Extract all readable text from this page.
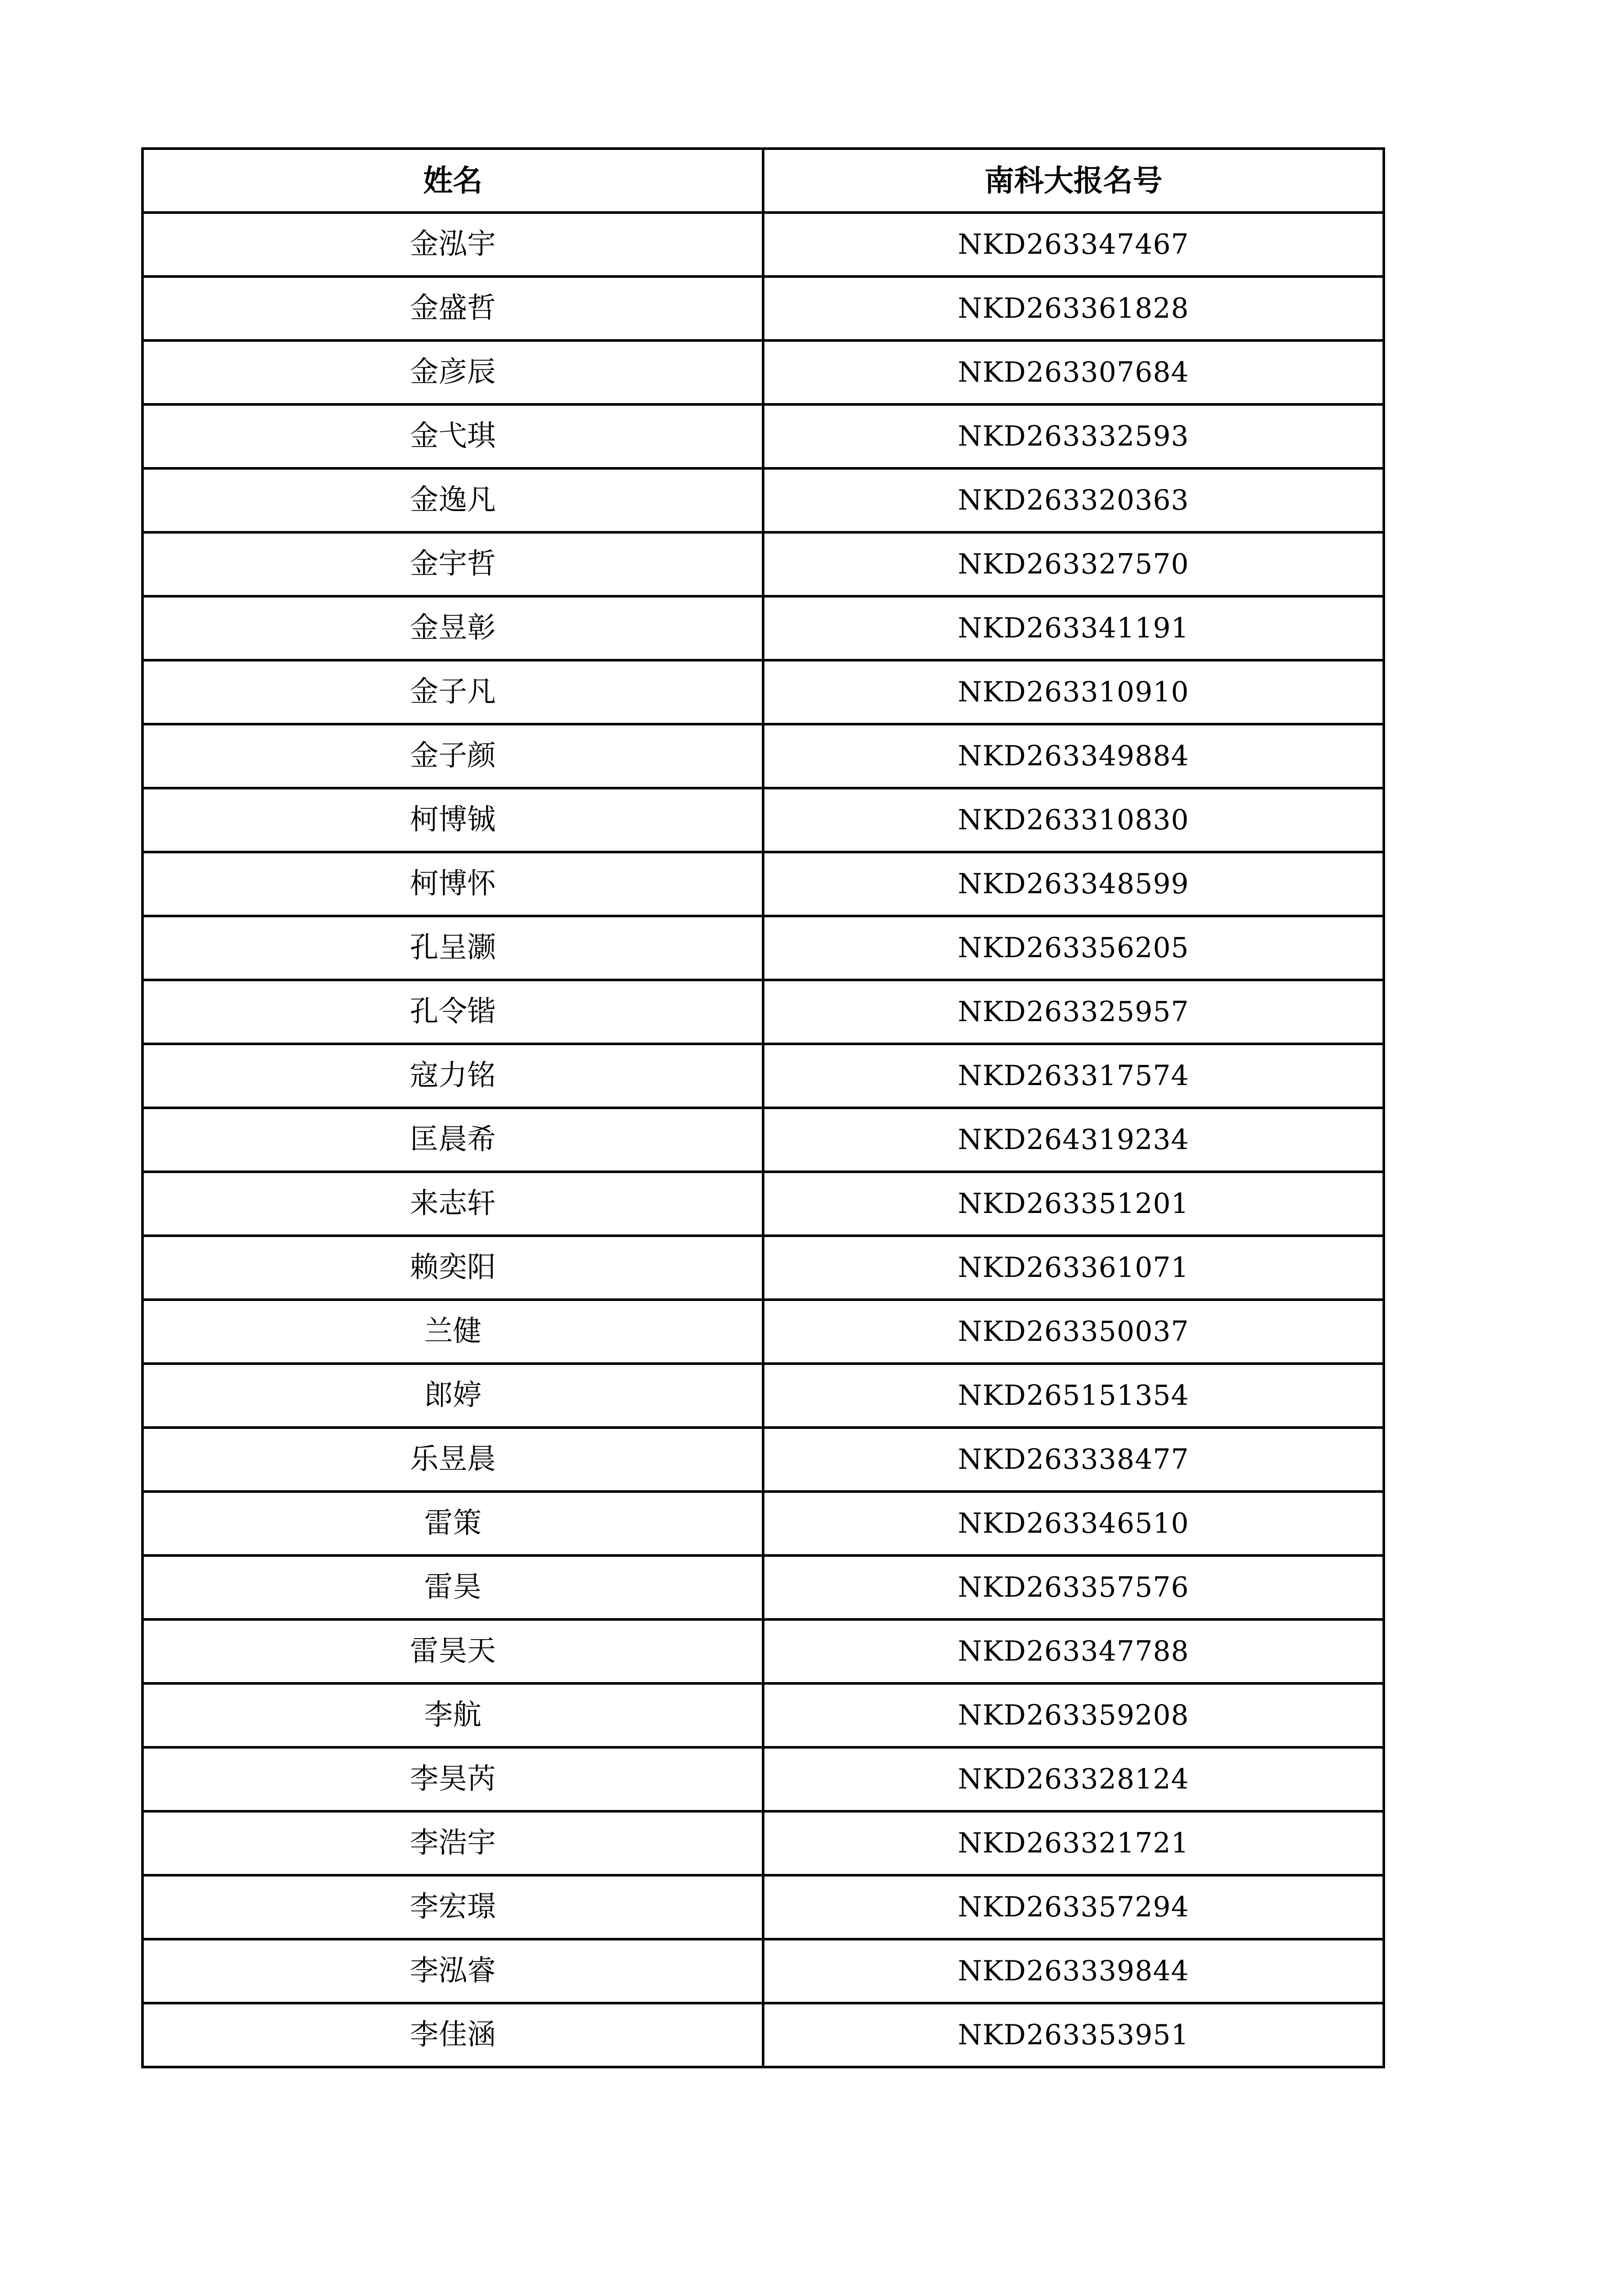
姓名	南科大报名号
金泓宇	NKD263347467
金盛哲	NKD263361828
金彦辰	NKD263307684
金弋琪	NKD263332593
金逸凡	NKD263320363
金宇哲	NKD263327570
金昱彰	NKD263341191
金子凡	NKD263310910
金子颜	NKD263349884
柯博铖	NKD263310830
柯博怀	NKD263348599
孔呈灏	NKD263356205
孔令锴	NKD263325957
寇力铭	NKD263317574
匡晨希	NKD264319234
来志轩	NKD263351201
赖奕阳	NKD263361071
兰健	NKD263350037
郎婷	NKD265151354
乐昱晨	NKD263338477
雷策	NKD263346510
雷昊	NKD263357576
雷昊天	NKD263347788
李航	NKD263359208
李昊芮	NKD263328124
李浩宇	NKD263321721
李宏璟	NKD263357294
李泓睿	NKD263339844
李佳涵	NKD263353951
